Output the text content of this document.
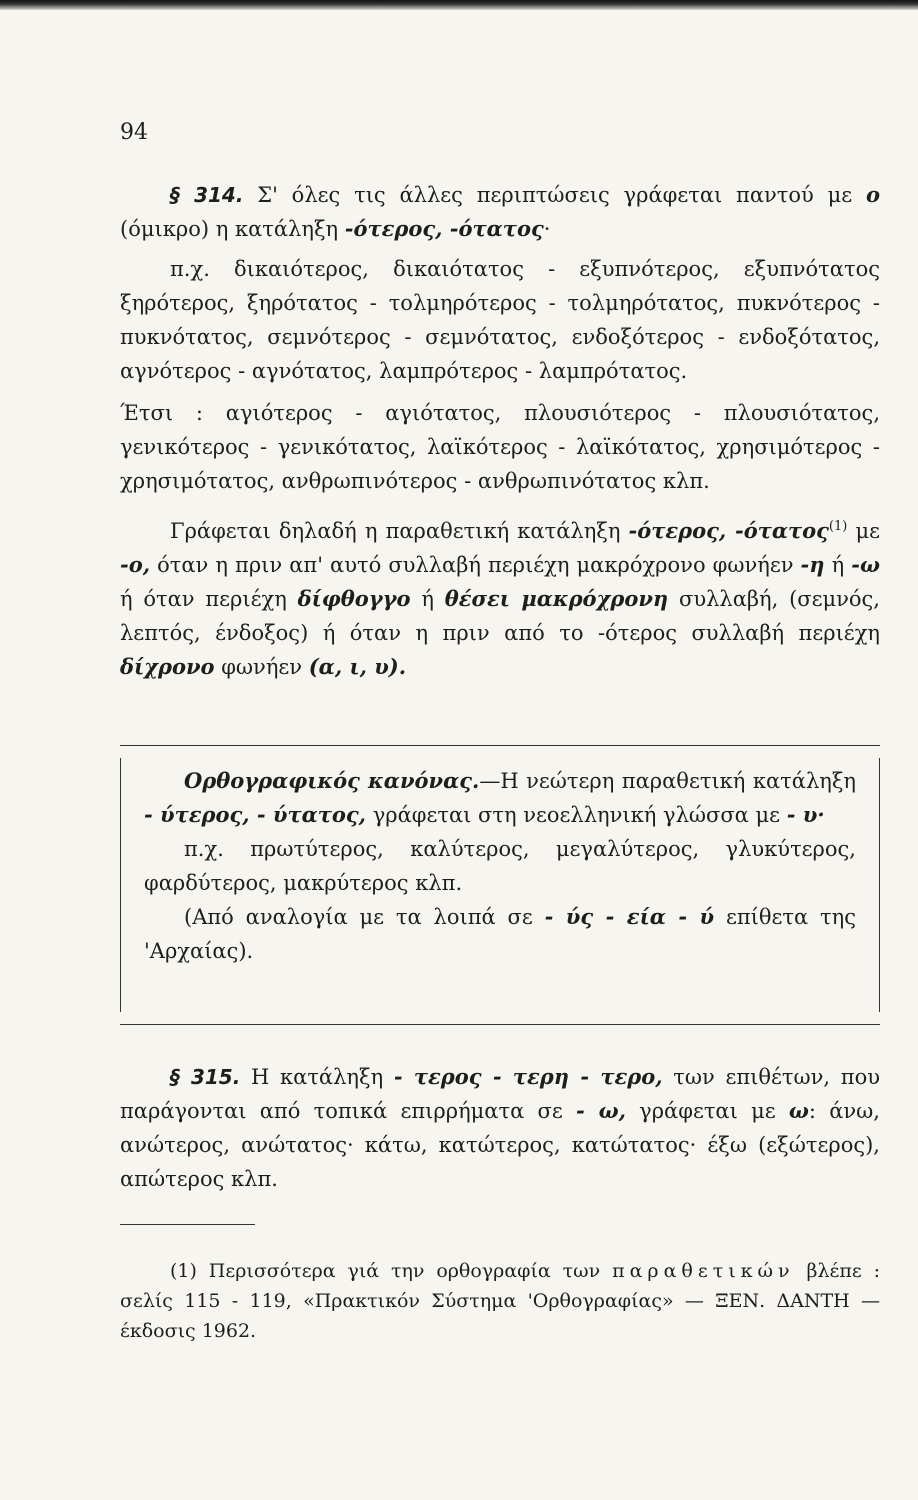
94

§ 314. Σ' όλες τις άλλες περιπτώσεις γράφεται παντού με ο (όμικρο) η κατάληξη -ότερος, -ότατος·

π.χ. δικαιότερος, δικαιότατος - εξυπνότερος, εξυπνότατος ξηρότερος, ξηρότατος - τολμηρότερος - τολμηρότατος, πυκνότερος - πυκνότατος, σεμνότερος - σεμνότατος, ενδοξότερος - ενδοξότατος, αγνότερος - αγνότατος, λαμπρότερος - λαμπρότατος.

Έτσι : αγιότερος - αγιότατος, πλουσιότερος - πλουσιότατος, γενικότερος - γενικότατος, λαϊκότερος - λαϊκότατος, χρησιμότερος - χρησιμότατος, ανθρωπινότερος - ανθρωπινότατος κλπ.

Γράφεται δηλαδή η παραθετική κατάληξη -ότερος, -ότατος$^{(1)}$ με -ο, όταν η πριν απ' αυτό συλλαβή περιέχη μακρόχρονο φωνήεν -η ή -ω ή όταν περιέχη δίφθογγο ή θέσει μακρόχρονη συλλαβή, (σεμνός, λεπτός, ένδοξος) ή όταν η πριν από το -ότερος συλλαβή περιέχη δίχρονο φωνήεν (α, ι, υ).

Ορθογραφικός κανόνας.—Η νεώτερη παραθετική κατάληξη - ύτερος, - ύτατος, γράφεται στη νεοελληνική γλώσσα με - υ·

π.χ. πρωτύτερος, καλύτερος, μεγαλύτερος, γλυκύτερος, φαρδύτερος, μακρύτερος κλπ.

(Από αναλογία με τα λοιπά σε - ύς - εία - ύ επίθετα της 'Αρχαίας).

§ 315. Η κατάληξη - τερος - τερη - τερο, των επιθέτων, που παράγονται από τοπικά επιρρήματα σε - ω, γράφεται με ω: άνω, ανώτερος, ανώτατος· κάτω, κατώτερος, κατώτατος· έξω (εξώτερος), απώτερος κλπ.

(1) Περισσότερα γιά την ορθογραφία των παραθετικών βλέπε : σελίς 115 - 119, «Πρακτικόν Σύστημα 'Ορθογραφίας» — ΞΕΝ. ΔΑΝΤΗ — έκδοσις 1962.
